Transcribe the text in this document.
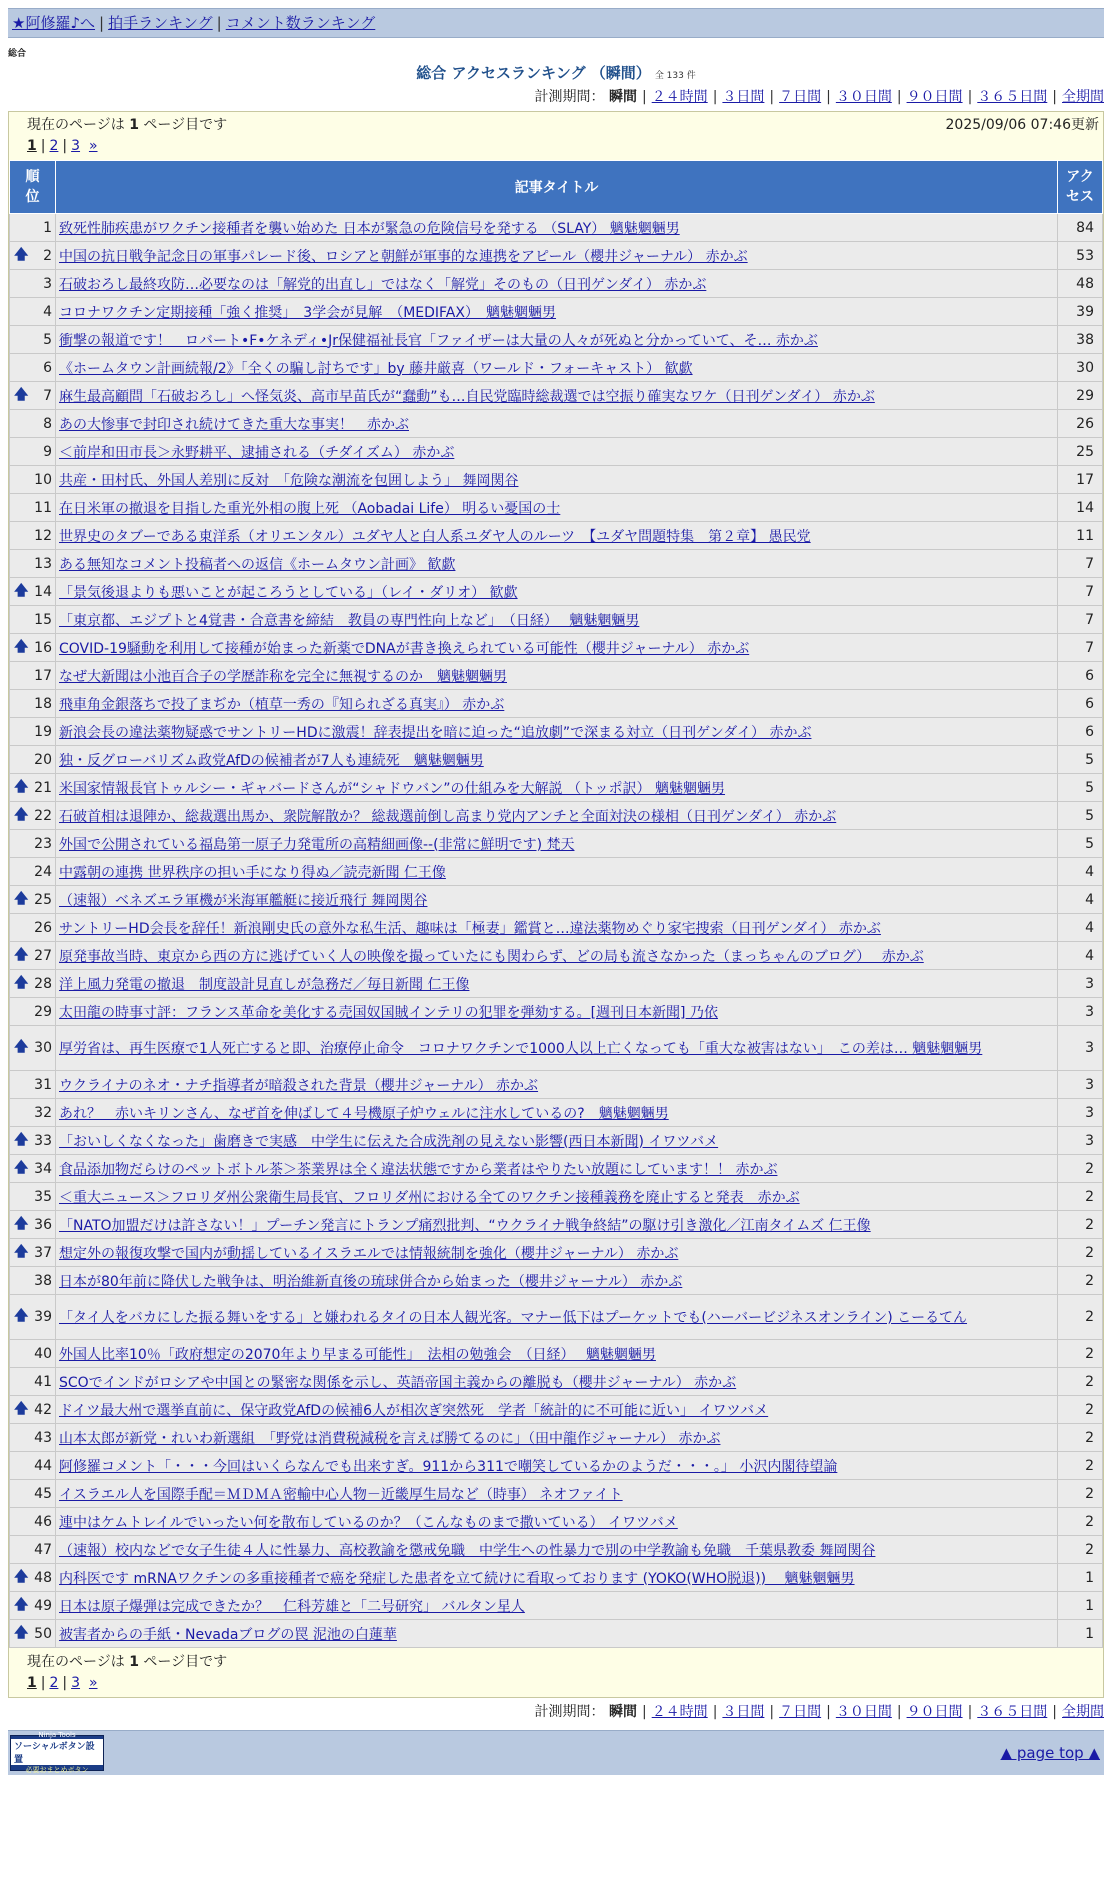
★阿修羅♪へ | 拍手ランキング | コメント数ランキング
総合
総合 アクセスランキング （瞬間） 全 133 件
計測期間： 瞬間 | ２４時間 | ３日間 | ７日間 | ３０日間 | ９０日間 | ３６５日間 | 全期間
現在のページは 1 ページ目です	2025/09/06 07:46更新
1 | 2 | 3 »
順位	記事タイトル	アクセス

1	致死性肺疾患がワクチン接種者を襲い始めた 日本が緊急の危険信号を発する （SLAY） 魑魅魍魎男	84

🡅 2	中国の抗日戦争記念日の軍事パレード後、ロシアと朝鮮が軍事的な連携をアピール（櫻井ジャーナル） 赤かぶ	53
3	石破おろし最終攻防…必要なのは「解党的出直し」ではなく「解党」そのもの（日刊ゲンダイ） 赤かぶ	48
4	コロナワクチン定期接種「強く推奨」　3学会が見解　（MEDIFAX）　魑魅魍魎男	39
5	衝撃の報道です！　ロバート•F•ケネディ•Jr保健福祉長官「ファイザーは大量の人々が死ぬと分かっていて、そ… 赤かぶ	38
6	《ホームタウン計画続報/2》「全くの騙し討ちです」by 藤井厳喜（ワールド・フォーキャスト） 歓歔	30

🡅 7	麻生最高顧問「石破おろし」へ怪気炎、高市早苗氏が“蠢動”も…自民党臨時総裁選では空振り確実なワケ（日刊ゲンダイ） 赤かぶ	29
8	あの大惨事で封印され続けてきた重大な事実！　赤かぶ	26
9	＜前岸和田市長＞永野耕平、逮捕される（チダイズム） 赤かぶ	25
10	共産・田村氏、外国人差別に反対　「危険な潮流を包囲しよう」 舞岡関谷	17
11	在日米軍の撤退を目指した重光外相の腹上死 （Aobadai Life） 明るい憂国の士	14
12	世界史のタブーである東洋系（オリエンタル）ユダヤ人と白人系ユダヤ人のルーツ　【ユダヤ問題特集　第２章】 愚民党	11
13	ある無知なコメント投稿者への返信《ホームタウン計画》 歓歔	7

🡅 14	「景気後退よりも悪いことが起ころうとしている」（レイ・ダリオ） 歓歔	7
15	「東京都、エジプトと4覚書・合意書を締結　教員の専門性向上など」　（日経）　 魑魅魍魎男	7

🡅 16	COVID-19騒動を利用して接種が始まった新薬でDNAが書き換えられている可能性（櫻井ジャーナル） 赤かぶ	7
17	なぜ大新聞は小池百合子の学歴詐称を完全に無視するのか　魑魅魍魎男	6
18	飛車角金銀落ちで投了まぢか（植草一秀の『知られざる真実』） 赤かぶ	6
19	新浪会長の違法薬物疑惑でサントリーHDに激震！辞表提出を暗に迫った“追放劇”で深まる対立（日刊ゲンダイ） 赤かぶ	6
20	独・反グローバリズム政党AfDの候補者が7人も連続死　魑魅魍魎男	5

🡅 21	米国家情報長官トゥルシー・ギャバードさんが“シャドウバン”の仕組みを大解説 （トッポ訳） 魑魅魍魎男	5

🡅 22	石破首相は退陣か、総裁選出馬か、衆院解散か？ 総裁選前倒し高まり党内アンチと全面対決の様相（日刊ゲンダイ） 赤かぶ	5
23	外国で公開されている福島第一原子力発電所の高精細画像--(非常に鮮明です) 梵天	5
24	中露朝の連携 世界秩序の担い手になり得ぬ／読売新聞 仁王像	4

🡅 25	（速報）ベネズエラ軍機が米海軍艦艇に接近飛行 舞岡関谷	4
26	サントリーHD会長を辞任！新浪剛史氏の意外な私生活、趣味は「極妻」鑑賞と…違法薬物めぐり家宅捜索（日刊ゲンダイ） 赤かぶ	4

🡅 27	原発事故当時、東京から西の方に逃げていく人の映像を撮っていたにも関わらず、どの局も流さなかった（まっちゃんのブログ）　 赤かぶ	4

🡅 28	洋上風力発電の撤退　制度設計見直しが急務だ／毎日新聞 仁王像	3
29	太田龍の時事寸評：フランス革命を美化する売国奴国賊インテリの犯罪を弾劾する。[週刊日本新聞] 乃依	3

🡅 30	厚労省は、再生医療で1人死亡すると即、治療停止命令　コロナワクチンで1000人以上亡くなっても「重大な被害はない」　この差は… 魑魅魍魎男	3
31	ウクライナのネオ・ナチ指導者が暗殺された背景（櫻井ジャーナル） 赤かぶ	3
32	あれ？　赤いキリンさん、なぜ首を伸ばして４号機原子炉ウェルに注水しているの?　魑魅魍魎男	3

🡅 33	「おいしくなくなった」歯磨きで実感　中学生に伝えた合成洗剤の見えない影響(西日本新聞) イワツバメ	3

🡅 34	食品添加物だらけのペットボトル茶＞茶業界は全く違法状態ですから業者はやりたい放題にしています！！ 赤かぶ	2
35	＜重大ニュース＞フロリダ州公衆衛生局長官、フロリダ州における全てのワクチン接種義務を廃止すると発表　赤かぶ	2

🡅 36	「NATO加盟だけは許さない！」プーチン発言にトランプ痛烈批判、“ウクライナ戦争終結”の駆け引き激化／江南タイムズ 仁王像	2

🡅 37	想定外の報復攻撃で国内が動揺しているイスラエルでは情報統制を強化（櫻井ジャーナル） 赤かぶ	2
38	日本が80年前に降伏した戦争は、明治維新直後の琉球併合から始まった（櫻井ジャーナル） 赤かぶ	2

🡅 39	「タイ人をバカにした振る舞いをする」と嫌われるタイの日本人観光客。マナー低下はプーケットでも(ハーバービジネスオンライン) こーるてん	2
40	外国人比率10％「政府想定の2070年より早まる可能性」　法相の勉強会　（日経）　 魑魅魍魎男	2
41	SCOでインドがロシアや中国との緊密な関係を示し、英語帝国主義からの離脱も（櫻井ジャーナル） 赤かぶ	2

🡅 42	ドイツ最大州で選挙直前に、保守政党AfDの候補6人が相次ぎ突然死　学者「統計的に不可能に近い」 イワツバメ	2
43	山本太郎が新党・れいわ新選組　「野党は消費税減税を言えば勝てるのに」（田中龍作ジャーナル） 赤かぶ	2
44	阿修羅コメント「・・・今回はいくらなんでも出来すぎ。911から311で嘲笑しているかのようだ・・・。」 小沢内閣待望論	2
45	イスラエル人を国際手配＝ＭＤＭＡ密輸中心人物－近畿厚生局など（時事） ネオファイト	2
46	連中はケムトレイルでいったい何を散布しているのか？（こんなものまで撒いている） イワツバメ	2
47	（速報）校内などで女子生徒４人に性暴力、高校教諭を懲戒免職　中学生への性暴力で別の中学教諭も免職　千葉県教委 舞岡関谷	2

🡅 48	内科医です mRNAワクチンの多重接種者で癌を発症した患者を立て続けに看取っております (YOKO(WHO脱退))　 魑魅魍魎男	1

🡅 49	日本は原子爆弾は完成できたか？　仁科芳雄と「二号研究」 バルタン星人	1

🡅 50	被害者からの手紙・Nevadaブログの罠 泥池の白蓮華	1
現在のページは 1 ページ目です
1 | 2 | 3 »
計測期間： 瞬間 | ２４時間 | ３日間 | ７日間 | ３０日間 | ９０日間 | ３６５日間 | 全期間
Ninja Tools
ソーシャルボタン設置
必要おまとめボタン
▲ page top ▲
